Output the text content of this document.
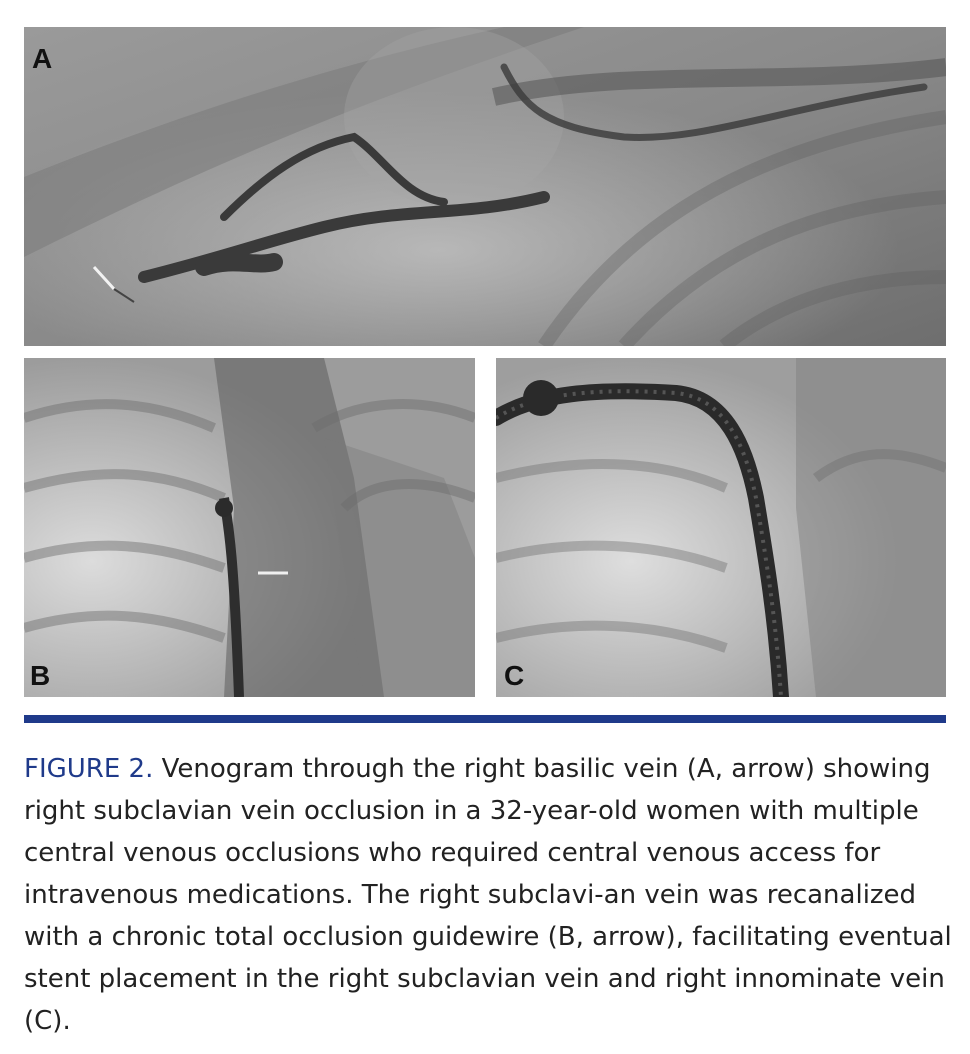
A
B	C

FIGURE 2. Venogram through the right basilic vein (A, arrow) showing right subclavian vein occlusion in a 32-year-old women with multiple central venous occlusions who required central venous access for intravenous medications. The right subclavi-an vein was recanalized with a chronic total occlusion guidewire (B, arrow), facilitating eventual stent placement in the right subclavian vein and right innominate vein (C).
